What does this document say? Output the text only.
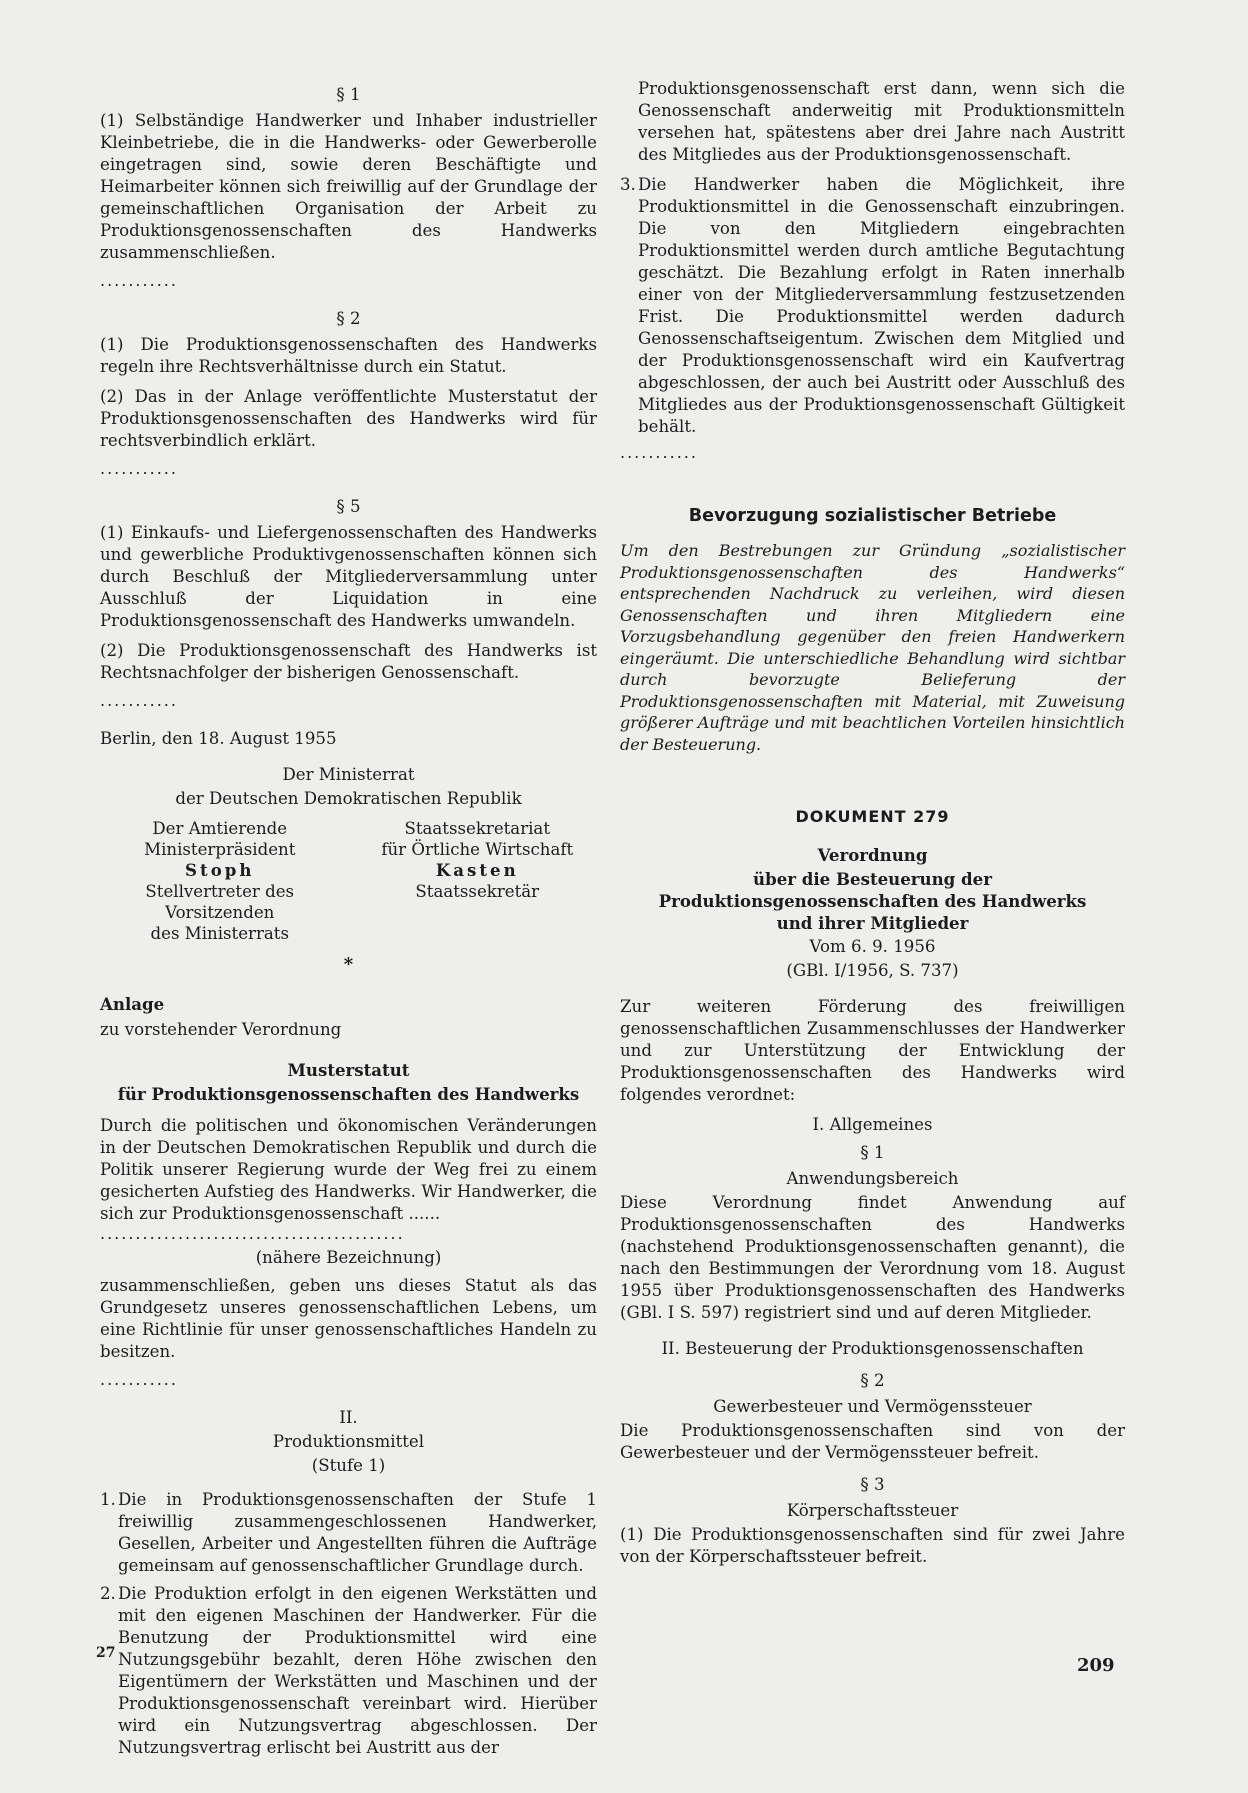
§ 1

(1) Selbständige Handwerker und Inhaber industrieller Kleinbetriebe, die in die Handwerks- oder Gewerberolle eingetragen sind, sowie deren Beschäftigte und Heimarbeiter können sich freiwillig auf der Grundlage der gemeinschaftlichen Organisation der Arbeit zu Produktionsgenossenschaften des Handwerks zusammenschließen.

...........
§ 2

(1) Die Produktionsgenossenschaften des Handwerks regeln ihre Rechtsverhältnisse durch ein Statut.

(2) Das in der Anlage veröffentlichte Musterstatut der Produktionsgenossenschaften des Handwerks wird für rechtsverbindlich erklärt.

...........
§ 5

(1) Einkaufs- und Liefergenossenschaften des Handwerks und gewerbliche Produktivgenossenschaften können sich durch Beschluß der Mitgliederversammlung unter Ausschluß der Liquidation in eine Produktionsgenossenschaft des Handwerks umwandeln.

(2) Die Produktionsgenossenschaft des Handwerks ist Rechtsnachfolger der bisherigen Genossenschaft.

...........

Berlin, den 18. August 1955

Der Ministerrat
der Deutschen Demokratischen Republik
Der Amtierende
Ministerpräsident
Stoph
Stellvertreter des Vorsitzenden
des Ministerrats
Staatssekretariat
für Örtliche Wirtschaft
Kasten
Staatssekretär
*

Anlage

zu vorstehender Verordnung

Musterstatut
für Produktionsgenossenschaften des Handwerks

Durch die politischen und ökonomischen Veränderungen in der Deutschen Demokratischen Republik und durch die Politik unserer Regierung wurde der Weg frei zu einem gesicherten Aufstieg des Handwerks. Wir Handwerker, die sich zur Produktionsgenossenschaft ......

...........................................
(nähere Bezeichnung)

zusammenschließen, geben uns dieses Statut als das Grundgesetz unseres genossenschaftlichen Lebens, um eine Richtlinie für unser genossenschaftliches Handeln zu besitzen.

...........
II.
Produktionsmittel
(Stufe 1)
1. Die in Produktionsgenossenschaften der Stufe 1 freiwillig zusammengeschlossenen Handwerker, Gesellen, Arbeiter und Angestellten führen die Aufträge gemeinsam auf genossenschaftlicher Grundlage durch.
2. Die Produktion erfolgt in den eigenen Werkstätten und mit den eigenen Maschinen der Handwerker. Für die Benutzung der Produktionsmittel wird eine Nutzungsgebühr bezahlt, deren Höhe zwischen den Eigentümern der Werkstätten und Maschinen und der Produktionsgenossenschaft vereinbart wird. Hierüber wird ein Nutzungsvertrag abgeschlossen. Der Nutzungsvertrag erlischt bei Austritt aus der

Produktionsgenossenschaft erst dann, wenn sich die Genossenschaft anderweitig mit Produktionsmitteln versehen hat, spätestens aber drei Jahre nach Austritt des Mitgliedes aus der Produktionsgenossenschaft.

3. Die Handwerker haben die Möglichkeit, ihre Produktionsmittel in die Genossenschaft einzubringen. Die von den Mitgliedern eingebrachten Produktionsmittel werden durch amtliche Begutachtung geschätzt. Die Bezahlung erfolgt in Raten innerhalb einer von der Mitgliederversammlung festzusetzenden Frist. Die Produktionsmittel werden dadurch Genossenschaftseigentum. Zwischen dem Mitglied und der Produktionsgenossenschaft wird ein Kaufvertrag abgeschlossen, der auch bei Austritt oder Ausschluß des Mitgliedes aus der Produktionsgenossenschaft Gültigkeit behält.
...........
Bevorzugung sozialistischer Betriebe

Um den Bestrebungen zur Gründung „sozialistischer Produktionsgenossenschaften des Handwerks“ entsprechenden Nachdruck zu verleihen, wird diesen Genossenschaften und ihren Mitgliedern eine Vorzugsbehandlung gegenüber den freien Handwerkern eingeräumt. Die unterschiedliche Behandlung wird sichtbar durch bevorzugte Belieferung der Produktionsgenossenschaften mit Material, mit Zuweisung größerer Aufträge und mit beachtlichen Vorteilen hinsichtlich der Besteuerung.

DOKUMENT 279
Verordnung
über die Besteuerung der Produktionsgenossenschaften des Handwerks und ihrer Mitglieder
Vom 6. 9. 1956
(GBl. I/1956, S. 737)

Zur weiteren Förderung des freiwilligen genossenschaftlichen Zusammenschlusses der Handwerker und zur Unterstützung der Entwicklung der Produktionsgenossenschaften des Handwerks wird folgendes verordnet:

I. Allgemeines
§ 1
Anwendungsbereich

Diese Verordnung findet Anwendung auf Produktionsgenossenschaften des Handwerks (nachstehend Produktionsgenossenschaften genannt), die nach den Bestimmungen der Verordnung vom 18. August 1955 über Produktionsgenossenschaften des Handwerks (GBl. I S. 597) registriert sind und auf deren Mitglieder.

II. Besteuerung der Produktionsgenossenschaften
§ 2
Gewerbesteuer und Vermögenssteuer

Die Produktionsgenossenschaften sind von der Gewerbesteuer und der Vermögenssteuer befreit.

§ 3
Körperschaftssteuer

(1) Die Produktionsgenossenschaften sind für zwei Jahre von der Körperschaftssteuer befreit.

27
209
